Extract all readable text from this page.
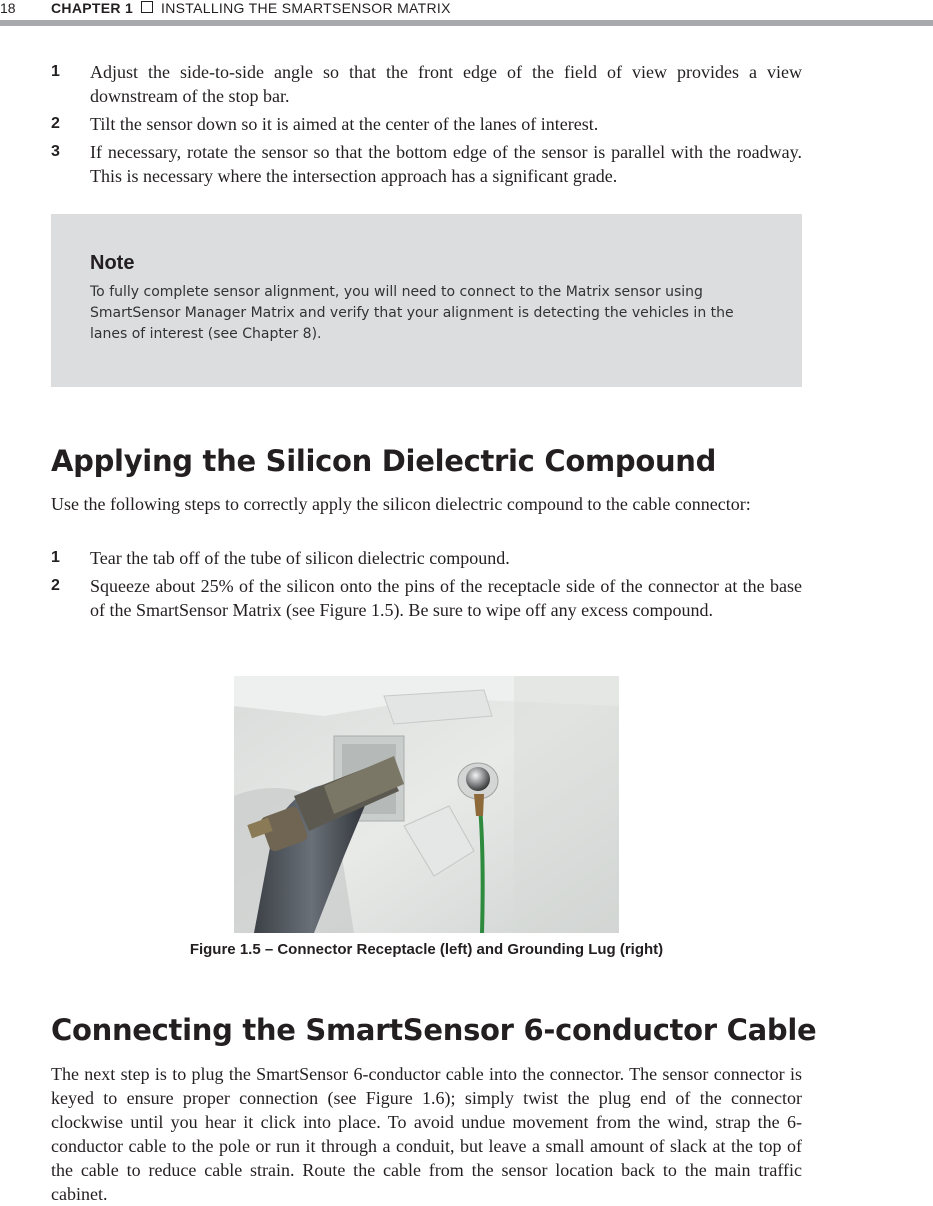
18	CHAPTER 1 INSTALLING THE SMARTSENSOR MATRIX
1 Adjust the side-to-side angle so that the front edge of the field of view provides a view downstream of the stop bar.
2 Tilt the sensor down so it is aimed at the center of the lanes of interest.
3 If necessary, rotate the sensor so that the bottom edge of the sensor is parallel with the roadway. This is necessary where the intersection approach has a significant grade.
Note
To fully complete sensor alignment, you will need to connect to the Matrix sensor using SmartSensor Manager Matrix and verify that your alignment is detecting the vehicles in the lanes of interest (see Chapter 8).
Applying the Silicon Dielectric Compound
Use the following steps to correctly apply the silicon dielectric compound to the cable connector:
1 Tear the tab off of the tube of silicon dielectric compound.
2 Squeeze about 25% of the silicon onto the pins of the receptacle side of the connector at the base of the SmartSensor Matrix (see Figure 1.5). Be sure to wipe off any excess compound.
Figure 1.5 – Connector Receptacle (left) and Grounding Lug (right)
Connecting the SmartSensor 6-conductor Cable
The next step is to plug the SmartSensor 6-conductor cable into the connector. The sensor connector is keyed to ensure proper connection (see Figure 1.6); simply twist the plug end of the connector clockwise until you hear it click into place. To avoid undue movement from the wind, strap the 6-conductor cable to the pole or run it through a conduit, but leave a small amount of slack at the top of the cable to reduce cable strain. Route the cable from the sensor location back to the main traffic cabinet.
